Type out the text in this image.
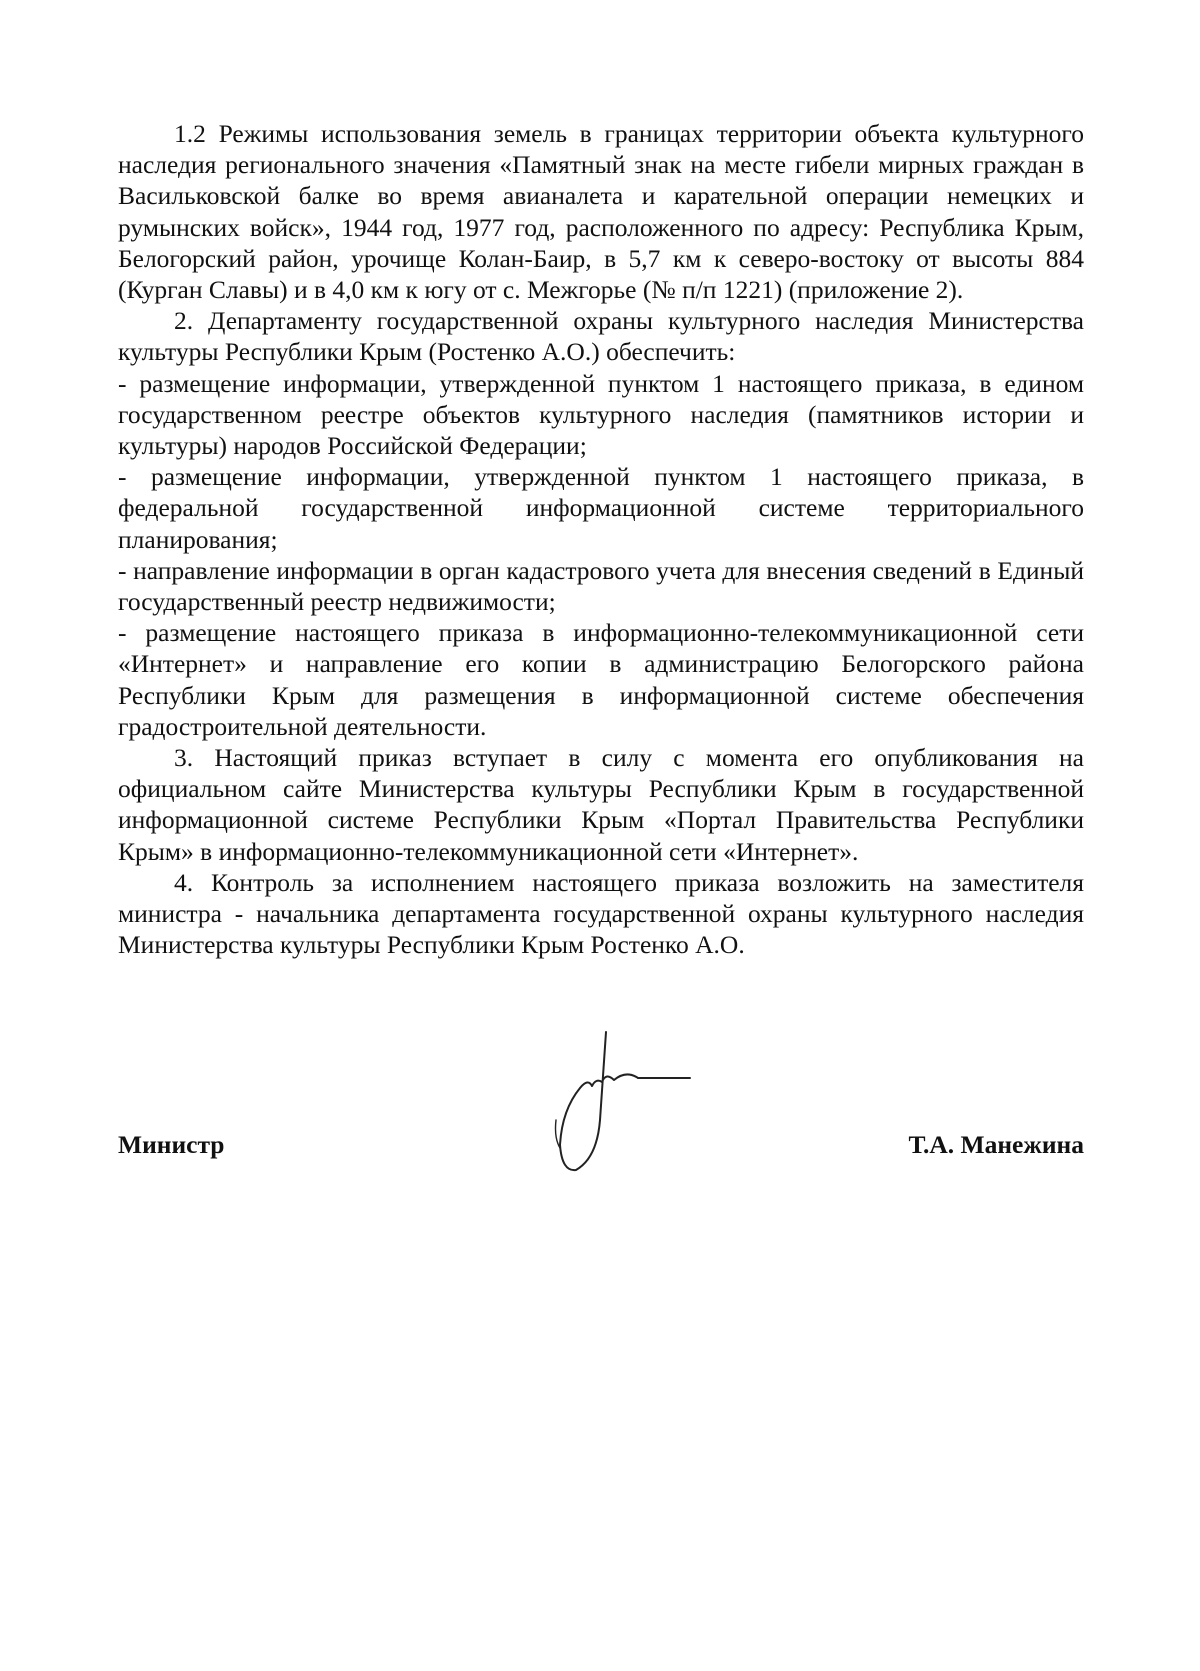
1.2 Режимы использования земель в границах территории объекта культурного наследия регионального значения «Памятный знак на месте гибели мирных граждан в Васильковской балке во время авианалета и карательной операции немецких и румынских войск», 1944 год, 1977 год, расположенного по адресу: Республика Крым, Белогорский район, урочище Колан-Баир, в 5,7 км к северо-востоку от высоты 884 (Курган Славы) и в 4,0 км к югу от с. Межгорье (№ п/п 1221) (приложение 2).

2. Департаменту государственной охраны культурного наследия Министерства культуры Республики Крым (Ростенко А.О.) обеспечить:

- размещение информации, утвержденной пунктом 1 настоящего приказа, в едином государственном реестре объектов культурного наследия (памятников истории и культуры) народов Российской Федерации;

- размещение информации, утвержденной пунктом 1 настоящего приказа, в федеральной государственной информационной системе территориального планирования;

- направление информации в орган кадастрового учета для внесения сведений в Единый государственный реестр недвижимости;

- размещение настоящего приказа в информационно-телекоммуникационной сети «Интернет» и направление его копии в администрацию Белогорского района Республики Крым для размещения в информационной системе обеспечения градостроительной деятельности.

3. Настоящий приказ вступает в силу с момента его опубликования на официальном сайте Министерства культуры Республики Крым в государственной информационной системе Республики Крым «Портал Правительства Республики Крым» в информационно-телекоммуникационной сети «Интернет».

4. Контроль за исполнением настоящего приказа возложить на заместителя министра - начальника департамента государственной охраны культурного наследия Министерства культуры Республики Крым Ростенко А.О.

Министр	Т.А. Манежина
